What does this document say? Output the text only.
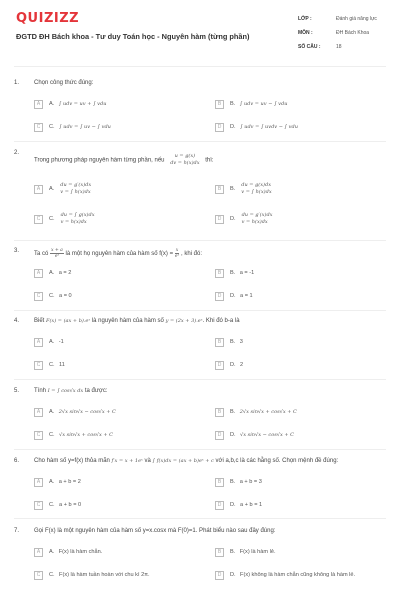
QUIZIZZ
ĐGTD ĐH Bách khoa - Tư duy Toán học - Nguyên hàm (từng phần)
LỚP :	Đánh giá năng lực
MÔN :	ĐH Bách Khoa
SỐ CÂU :	18
1. Chọn công thức đúng:
A	A.
∫ udv = uv + ∫ vdu	B	B.
∫ udv = uv − ∫ vdu
C	C.
∫ udv = ∫ uv − ∫ vdu	D	D.
∫ udv = ∫ uvdv − ∫ vdu
2.
Trong phương pháp nguyên hàm từng phần, nếu
u = g(x)
dv = h(x)dx thì:
A	A.
du = g′(x)dx
v = ∫ h(x)dx	B	B.
du = g(x)dx
v = ∫ h(x)dx
C	C.
du = ∫ g(x)dx
v = h(x)dx	D	D.
du = g′(x)dx
v = h(x)dx
3.
Ta có $\frac{x + a}{\text{eˣ}}$ là một họ nguyên hàm của hàm số $f(x) = \frac{x}{\text{eˣ}}$ , khi đó:
A	A.
a = 2	B	B.
a = -1
C	C.
a = 0	D	D.
a = 1
4. Biết F(x) = (ax + b).eˣ là nguyên hàm của hàm số y = (2x + 3).eˣ. Khi đó b-a là
A	A.
-1	B	B.
3
C	C.
11	D	D.
2
5. Tính I = ∫ cos√x dx ta được:
A	A.
2√x sin√x − cos√x + C	B	B.
2√x sin√x + cos√x + C
C	C.
√x sin√x + cos√x + C	D	D.
√x sin√x − cos√x + C
6. Cho hàm số y=f(x) thỏa mãn f′x = x + 1eˣ và ∫ f(x)dx = (ax + b)eˣ + c với a,b,c là các hằng số. Chọn mệnh đề đúng:
A	A.
a + b = 2	B	B.
a + b = 3
C	C.
a + b = 0	D	D.
a + b = 1
7. Gọi F(x) là một nguyên hàm của hàm số y=x.cosx mà F(0)=1. Phát biểu nào sau đây đúng:
A	A.
F(x) là hàm chẵn.	B	B.
F(x) là hàm lẻ.
C	C.
F(x) là hàm tuần hoàn với chu kì 2π.	D	D.
F(x) không là hàm chẵn cũng không là hàm lẻ.
